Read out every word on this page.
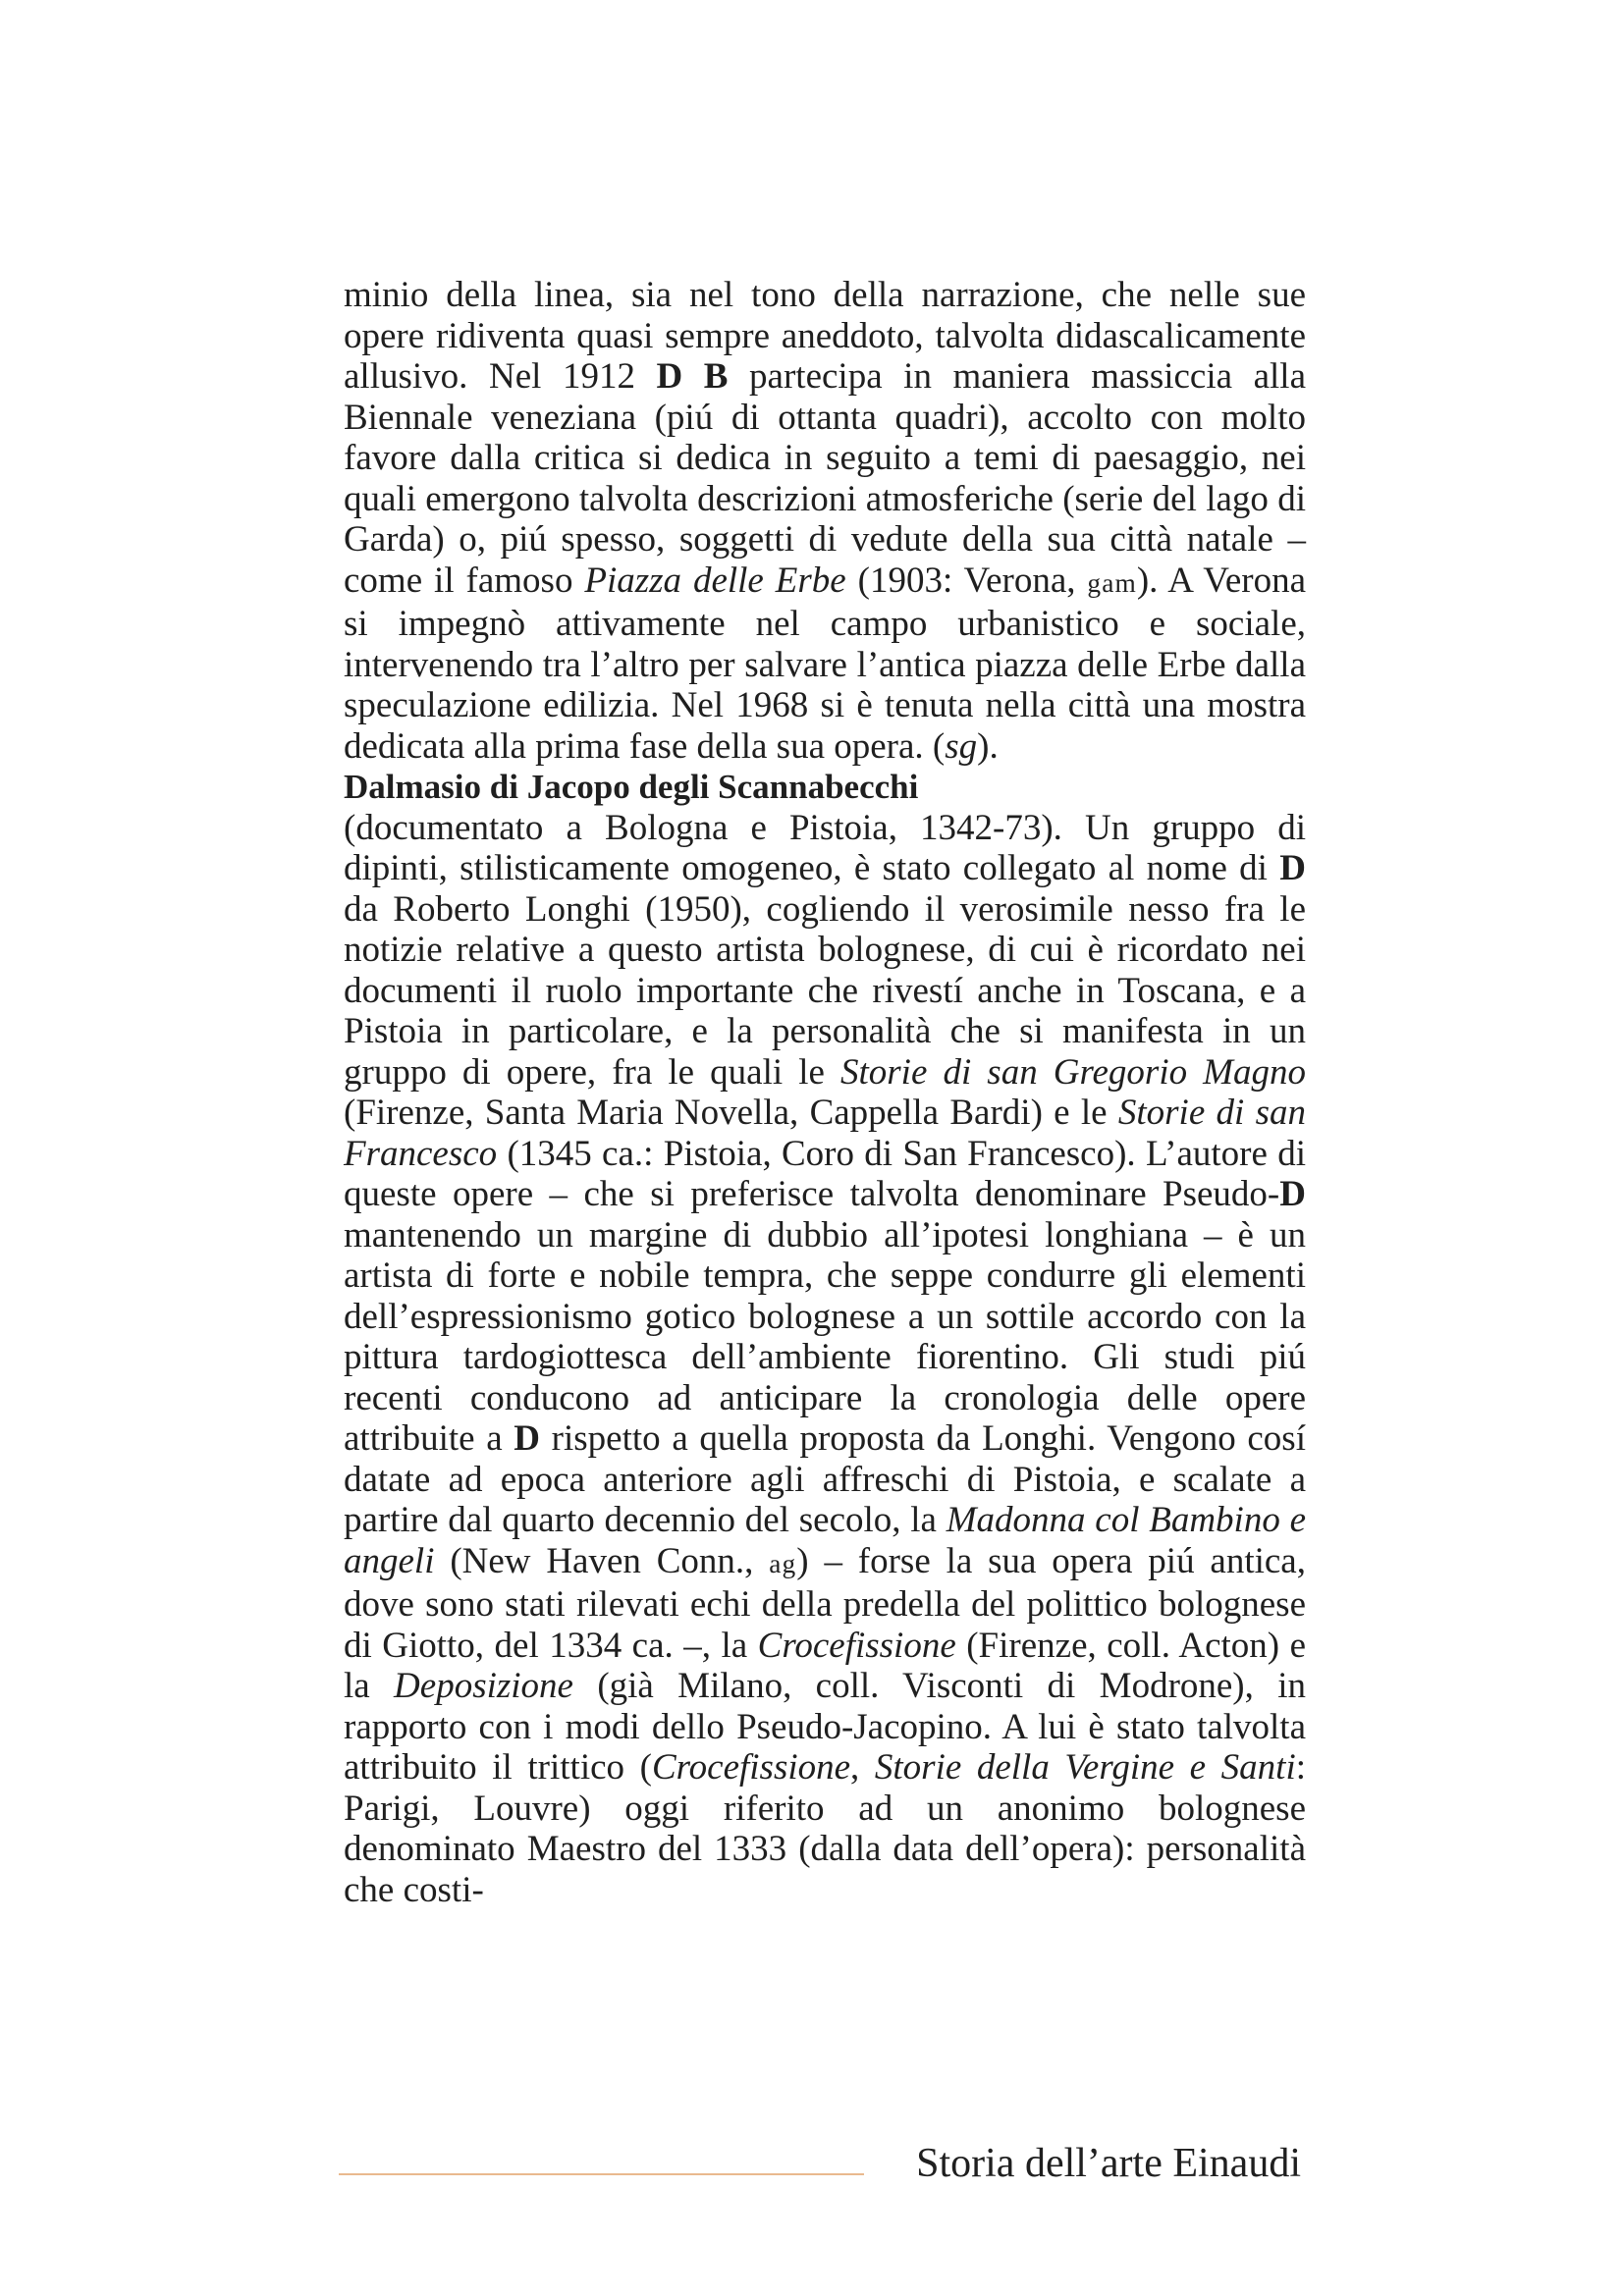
minio della linea, sia nel tono della narrazione, che nelle sue opere ridiventa quasi sempre aneddoto, talvolta didascalicamente allusivo. Nel 1912 D B partecipa in maniera massiccia alla Biennale veneziana (piú di ottanta quadri), accolto con molto favore dalla critica si dedica in seguito a temi di paesaggio, nei quali emergono talvolta descrizioni atmosferiche (serie del lago di Garda) o, piú spesso, soggetti di vedute della sua città natale – come il famoso Piazza delle Erbe (1903: Verona, gam). A Verona si impegnò attivamente nel campo urbanistico e sociale, intervenendo tra l’altro per salvare l’antica piazza delle Erbe dalla speculazione edilizia. Nel 1968 si è tenuta nella città una mostra dedicata alla prima fase della sua opera. (sg).

Dalmasio di Jacopo degli Scannabecchi

(documentato a Bologna e Pistoia, 1342-73). Un gruppo di dipinti, stilisticamente omogeneo, è stato collegato al nome di D da Roberto Longhi (1950), cogliendo il verosimile nesso fra le notizie relative a questo artista bolognese, di cui è ricordato nei documenti il ruolo importante che rivestí anche in Toscana, e a Pistoia in particolare, e la personalità che si manifesta in un gruppo di opere, fra le quali le Storie di san Gregorio Magno (Firenze, Santa Maria Novella, Cappella Bardi) e le Storie di san Francesco (1345 ca.: Pistoia, Coro di San Francesco). L’autore di queste opere – che si preferisce talvolta denominare Pseudo-D mantenendo un margine di dubbio all’ipotesi longhiana – è un artista di forte e nobile tempra, che seppe condurre gli elementi dell’espressionismo gotico bolognese a un sottile accordo con la pittura tardogiottesca dell’ambiente fiorentino. Gli studi piú recenti conducono ad anticipare la cronologia delle opere attribuite a D rispetto a quella proposta da Longhi. Vengono cosí datate ad epoca anteriore agli affreschi di Pistoia, e scalate a partire dal quarto decennio del secolo, la Madonna col Bambino e angeli (New Haven Conn., ag) – forse la sua opera piú antica, dove sono stati rilevati echi della predella del polittico bolognese di Giotto, del 1334 ca. –, la Crocefissione (Firenze, coll. Acton) e la Deposizione (già Milano, coll. Visconti di Modrone), in rapporto con i modi dello Pseudo-Jacopino. A lui è stato talvolta attribuito il trittico (Crocefissione, Storie della Vergine e Santi: Parigi, Louvre) oggi riferito ad un anonimo bolognese denominato Maestro del 1333 (dalla data dell’opera): personalità che costi-

Storia dell’arte Einaudi
